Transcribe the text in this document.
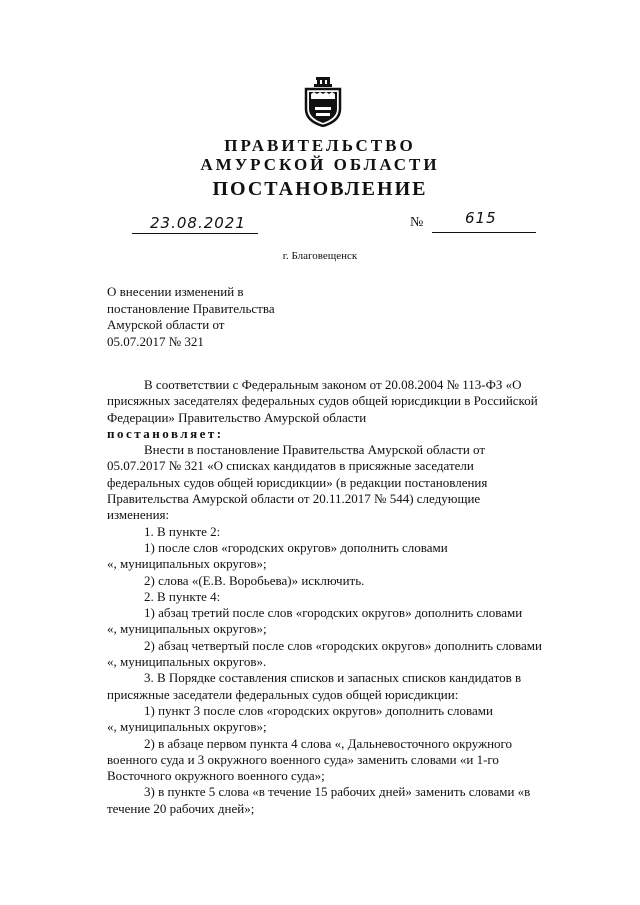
ПРАВИТЕЛЬСТВО
АМУРСКОЙ ОБЛАСТИ
ПОСТАНОВЛЕНИЕ
23.08.2021	№	615
г. Благовещенск
О внесении изменений в
постановление Правительства
Амурской области от
05.07.2017 № 321

В соответствии с Федеральным законом от 20.08.2004 № 113-ФЗ «О

присяжных заседателях федеральных судов общей юрисдикции в Российской

Федерации» Правительство Амурской области

постановляет:

Внести в постановление Правительства Амурской области от

05.07.2017 № 321 «О списках кандидатов в присяжные заседатели

федеральных судов общей юрисдикции» (в редакции постановления

Правительства Амурской области от 20.11.2017 № 544) следующие

изменения:

1. В пункте 2:

1) после слов «городских округов» дополнить словами

«, муниципальных округов»;

2) слова «(Е.В. Воробьева)» исключить.

2. В пункте 4:

1) абзац третий после слов «городских округов» дополнить словами

«, муниципальных округов»;

2) абзац четвертый после слов «городских округов» дополнить словами

«, муниципальных округов».

3. В Порядке составления списков и запасных списков кандидатов в

присяжные заседатели федеральных судов общей юрисдикции:

1) пункт 3 после слов «городских округов» дополнить словами

«, муниципальных округов»;

2) в абзаце первом пункта 4 слова «, Дальневосточного окружного

военного суда и 3 окружного военного суда» заменить словами «и 1-го

Восточного окружного военного суда»;

3) в пункте 5 слова «в течение 15 рабочих дней» заменить словами «в

течение 20 рабочих дней»;
